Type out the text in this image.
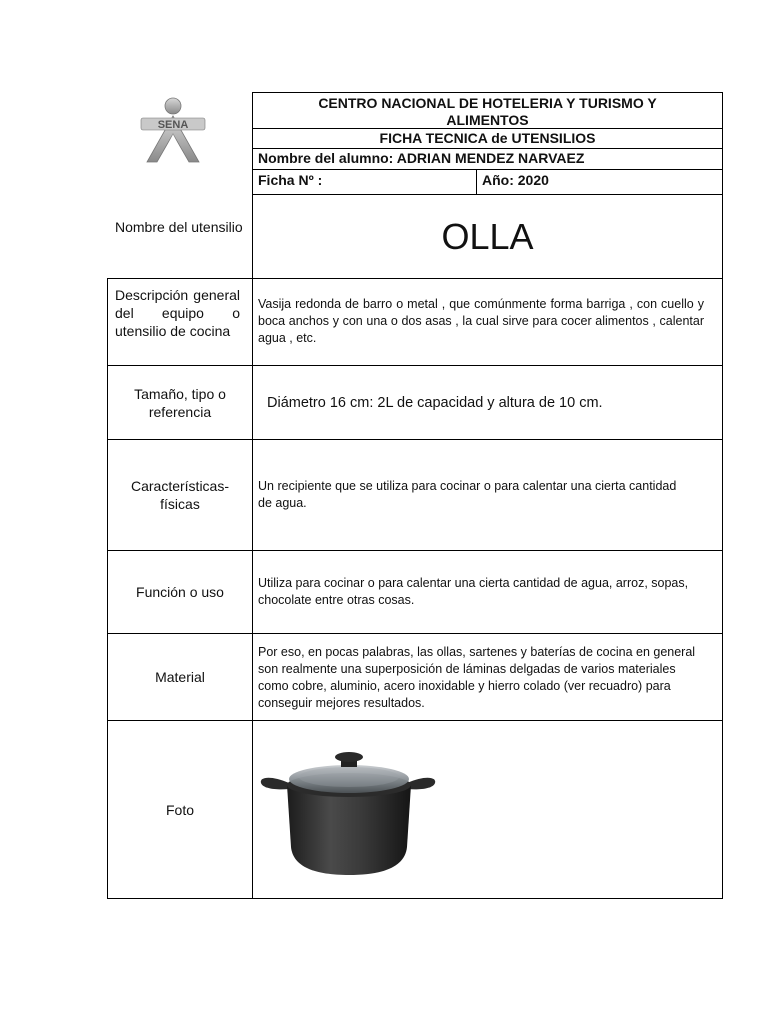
SENA
CENTRO NACIONAL DE HOTELERIA Y TURISMO Y ALIMENTOS
FICHA TECNICA de UTENSILIOS
Nombre del alumno: ADRIAN MENDEZ NARVAEZ
Ficha Nº :	Año: 2020
Nombre del utensilio	OLLA
Descripción general del equipo o utensilio de cocina
Vasija redonda de barro o metal , que comúnmente forma barriga , con cuello y boca anchos y con una o dos asas , la cual sirve para cocer alimentos , calentar agua , etc.
Tamaño, tipo o referencia
Diámetro 16 cm: 2L de capacidad y altura de 10 cm.
Características- físicas
Un recipiente que se utiliza para cocinar o para calentar una cierta cantidad de agua.
Función o uso
Utiliza para cocinar o para calentar una cierta cantidad de agua, arroz, sopas, chocolate entre otras cosas.
Material
Por eso, en pocas palabras, las ollas, sartenes y baterías de cocina en general son realmente una superposición de láminas delgadas de varios materiales como cobre, aluminio, acero inoxidable y hierro colado (ver recuadro) para conseguir mejores resultados.
Foto
